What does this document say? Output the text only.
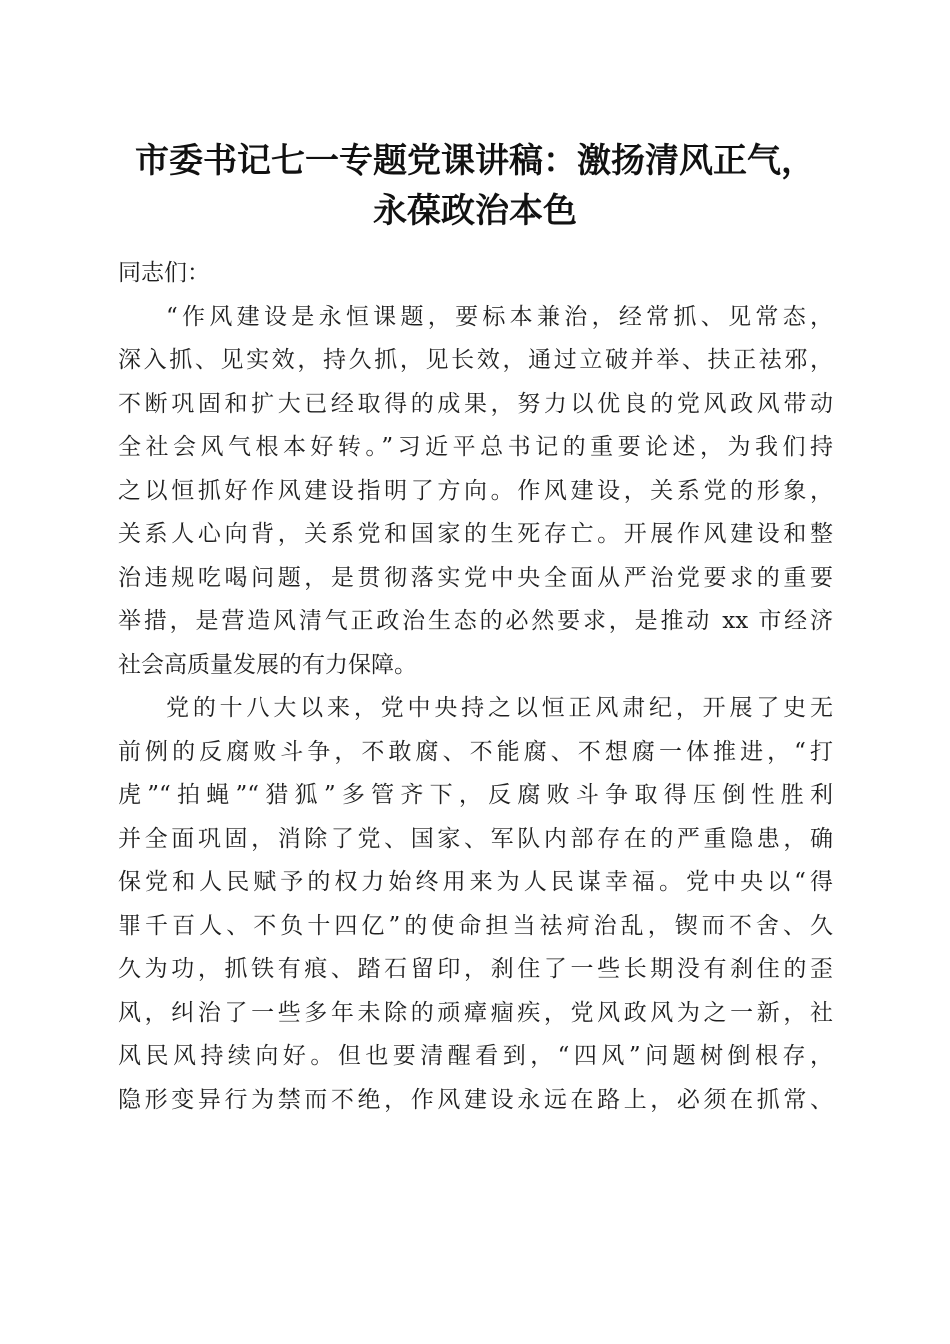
市委书记七一专题党课讲稿：激扬清风正气，
永葆政治本色
同志们：
“作风建设是永恒课题，要标本兼治，经常抓、见常态，
深入抓、见实效，持久抓，见长效，通过立破并举、扶正祛邪，
不断巩固和扩大已经取得的成果，努力以优良的党风政风带动
全社会风气根本好转。”习近平总书记的重要论述，为我们持
之以恒抓好作风建设指明了方向。作风建设，关系党的形象，
关系人心向背，关系党和国家的生死存亡。开展作风建设和整
治违规吃喝问题，是贯彻落实党中央全面从严治党要求的重要
举措，是营造风清气正政治生态的必然要求，是推动 xx 市经济
社会高质量发展的有力保障。
党的十八大以来，党中央持之以恒正风肃纪，开展了史无
前例的反腐败斗争，不敢腐、不能腐、不想腐一体推进，“打
虎”“拍蝇”“猎狐”多管齐下，反腐败斗争取得压倒性胜利
并全面巩固，消除了党、国家、军队内部存在的严重隐患，确
保党和人民赋予的权力始终用来为人民谋幸福。党中央以“得
罪千百人、不负十四亿”的使命担当祛疴治乱，锲而不舍、久
久为功，抓铁有痕、踏石留印，刹住了一些长期没有刹住的歪
风，纠治了一些多年未除的顽瘴痼疾，党风政风为之一新，社
风民风持续向好。但也要清醒看到，“四风”问题树倒根存，
隐形变异行为禁而不绝，作风建设永远在路上，必须在抓常、
